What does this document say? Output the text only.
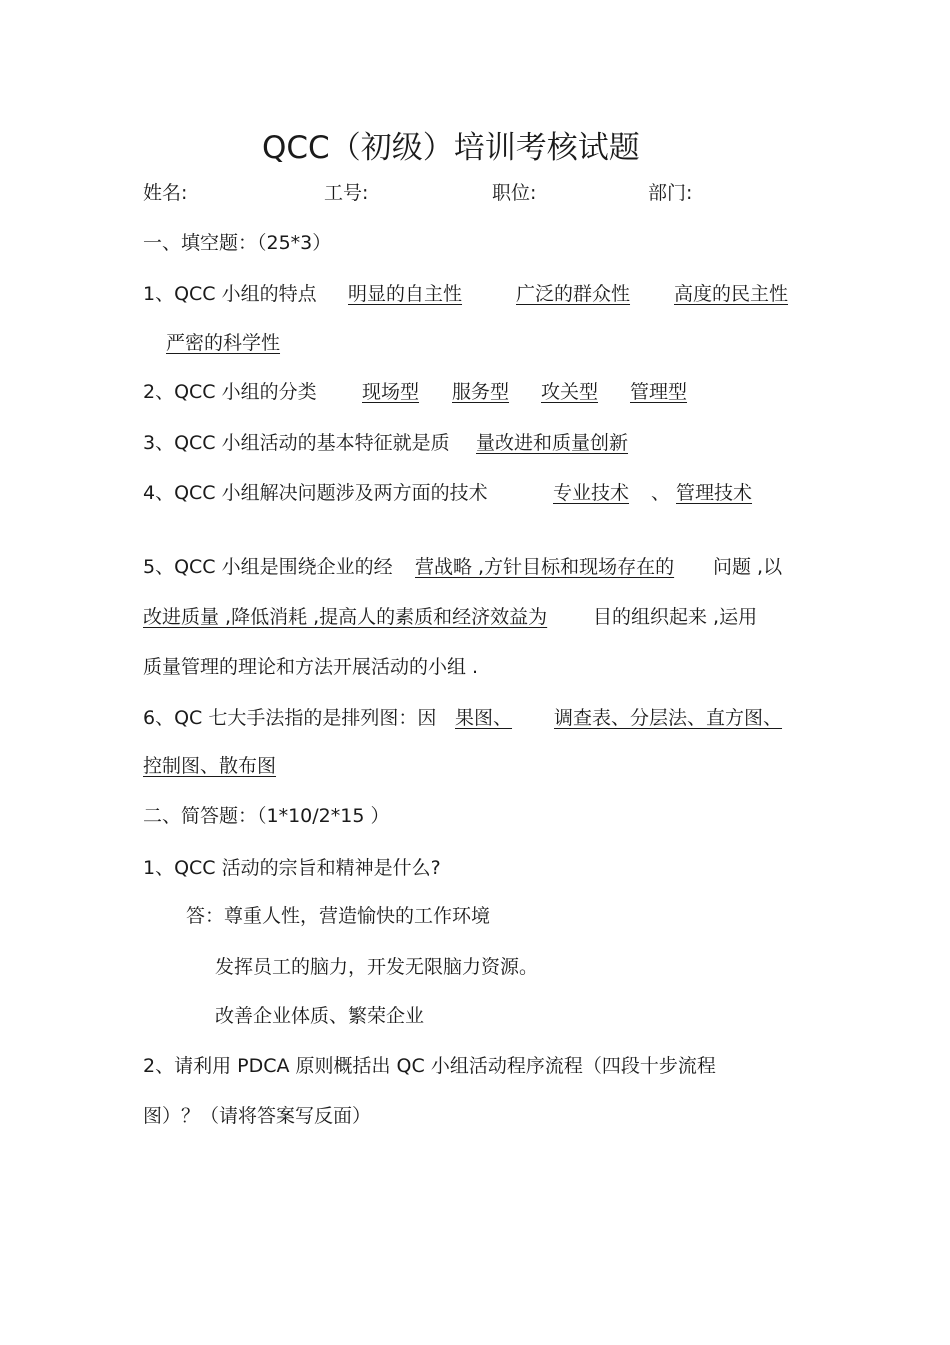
QCC（初级）培训考核试题
姓名:	工号:	职位:	部门:
一、填空题：（25*3）
1、QCC 小组的特点 明显的自主性	广泛的群众性 高度的民主性
严密的科学性
2、QCC 小组的分类 现场型 服务型 攻关型 管理型
3、QCC 小组活动的基本特征就是质 量改进和质量创新
4、QCC 小组解决问题涉及两方面的技术	专业技术 、 管理技术
5、QCC 小组是围绕企业的经 营战略 ,方针目标和现场存在的 问题 ,以
改进质量 ,降低消耗 ,提高人的素质和经济效益为 目的组织起来 ,运用
质量管理的理论和方法开展活动的小组 .
6、QC 七大手法指的是排列图：因 果图、 调查表、分层法、直方图、
控制图、散布图
二、简答题：（1*10/2*15 ）
1、QCC 活动的宗旨和精神是什么?
答：尊重人性，营造愉快的工作环境
发挥员工的脑力，开发无限脑力资源。
改善企业体质、繁荣企业
2、请利用 PDCA 原则概括出 QC 小组活动程序流程（四段十步流程
图）？（请将答案写反面）
